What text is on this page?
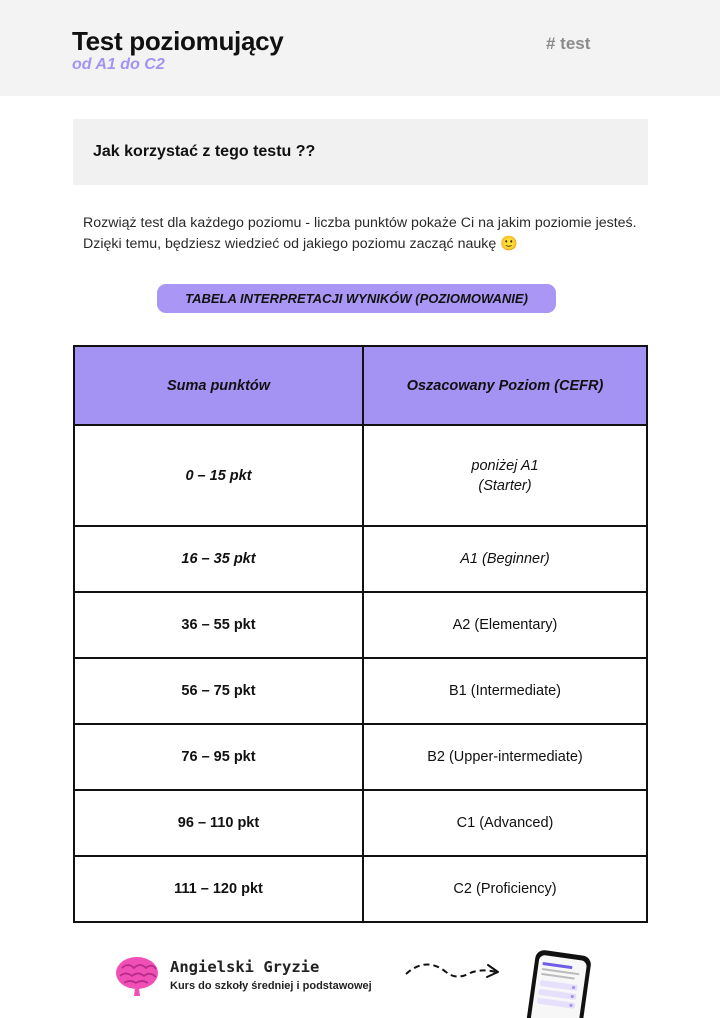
Test poziomujący
od A1 do C2
# test
Jak korzystać z tego testu ??
Rozwiąż test dla każdego poziomu - liczba punktów pokaże Ci na jakim poziomie jesteś. Dzięki temu, będziesz wiedzieć od jakiego poziomu zacząć naukę 🙂
TABELA INTERPRETACJI WYNIKÓW (POZIOMOWANIE)
Suma punktów	Oszacowany Poziom (CEFR)
0 – 15 pkt	poniżej A1
(Starter)

16 – 35 pkt	A1 (Beginner)
36 – 55 pkt	A2 (Elementary)
56 – 75 pkt	B1 (Intermediate)
76 – 95 pkt	B2 (Upper-intermediate)
96 – 110 pkt	C1 (Advanced)
111 – 120 pkt	C2 (Proficiency)
Angielski Gryzie
Kurs do szkoły średniej i podstawowej
